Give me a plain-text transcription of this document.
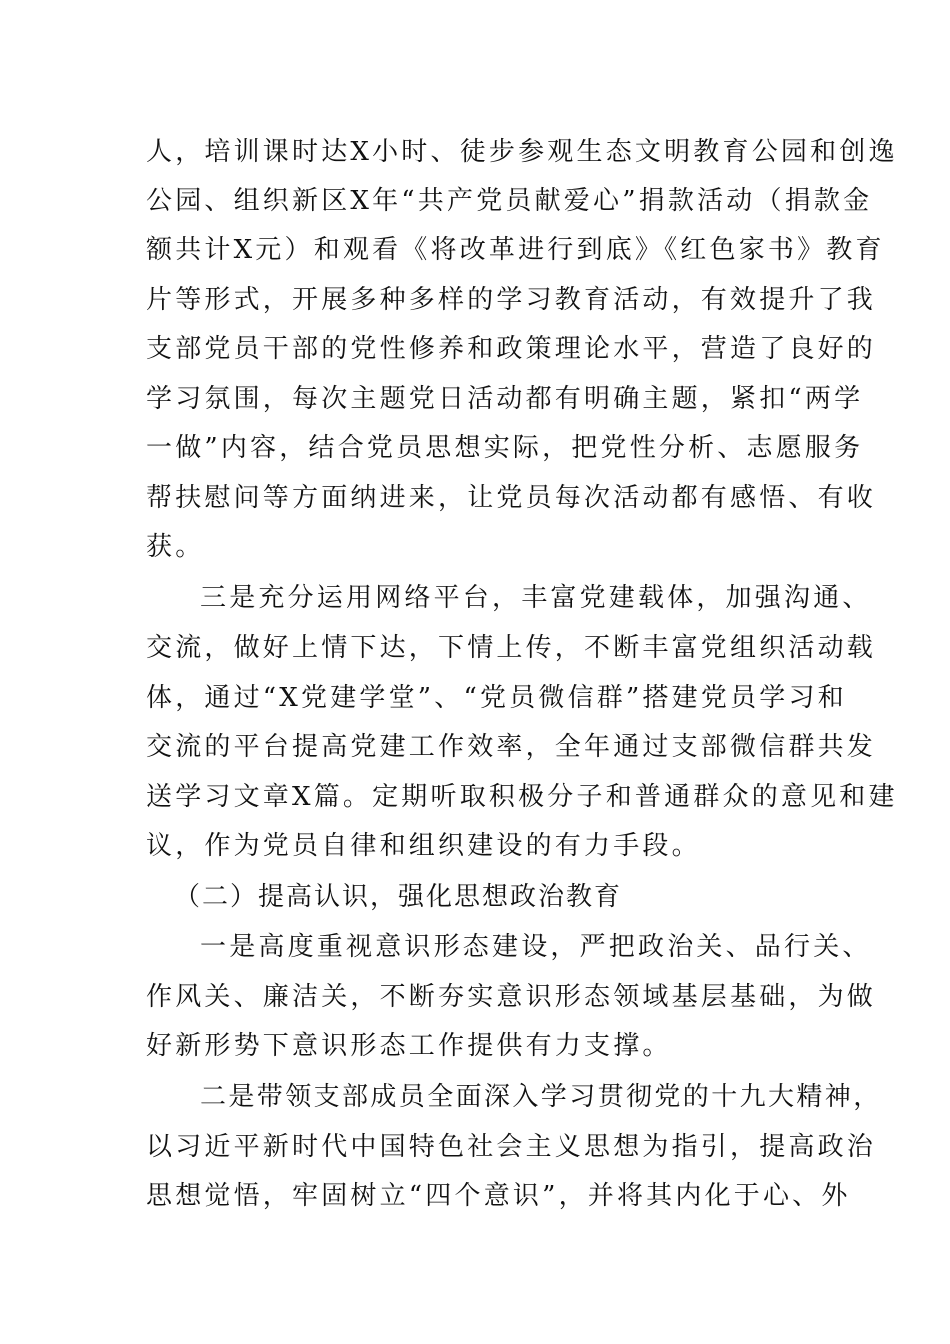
人，培训课时达X小时、徒步参观生态文明教育公园和创逸
公园、组织新区X年“共产党员献爱心”捐款活动（捐款金
额共计X元）和观看《将改革进行到底》《红色家书》教育
片等形式，开展多种多样的学习教育活动，有效提升了我
支部党员干部的党性修养和政策理论水平，营造了良好的
学习氛围，每次主题党日活动都有明确主题，紧扣“两学
一做”内容，结合党员思想实际，把党性分析、志愿服务
帮扶慰问等方面纳进来，让党员每次活动都有感悟、有收
获。
三是充分运用网络平台，丰富党建载体，加强沟通、
交流，做好上情下达，下情上传，不断丰富党组织活动载
体，通过“X党建学堂”、“党员微信群”搭建党员学习和
交流的平台提高党建工作效率，全年通过支部微信群共发
送学习文章X篇。定期听取积极分子和普通群众的意见和建
议，作为党员自律和组织建设的有力手段。
（二）提高认识，强化思想政治教育
一是高度重视意识形态建设，严把政治关、品行关、
作风关、廉洁关，不断夯实意识形态领域基层基础，为做
好新形势下意识形态工作提供有力支撑。
二是带领支部成员全面深入学习贯彻党的十九大精神，
以习近平新时代中国特色社会主义思想为指引，提高政治
思想觉悟，牢固树立“四个意识”，并将其内化于心、外
